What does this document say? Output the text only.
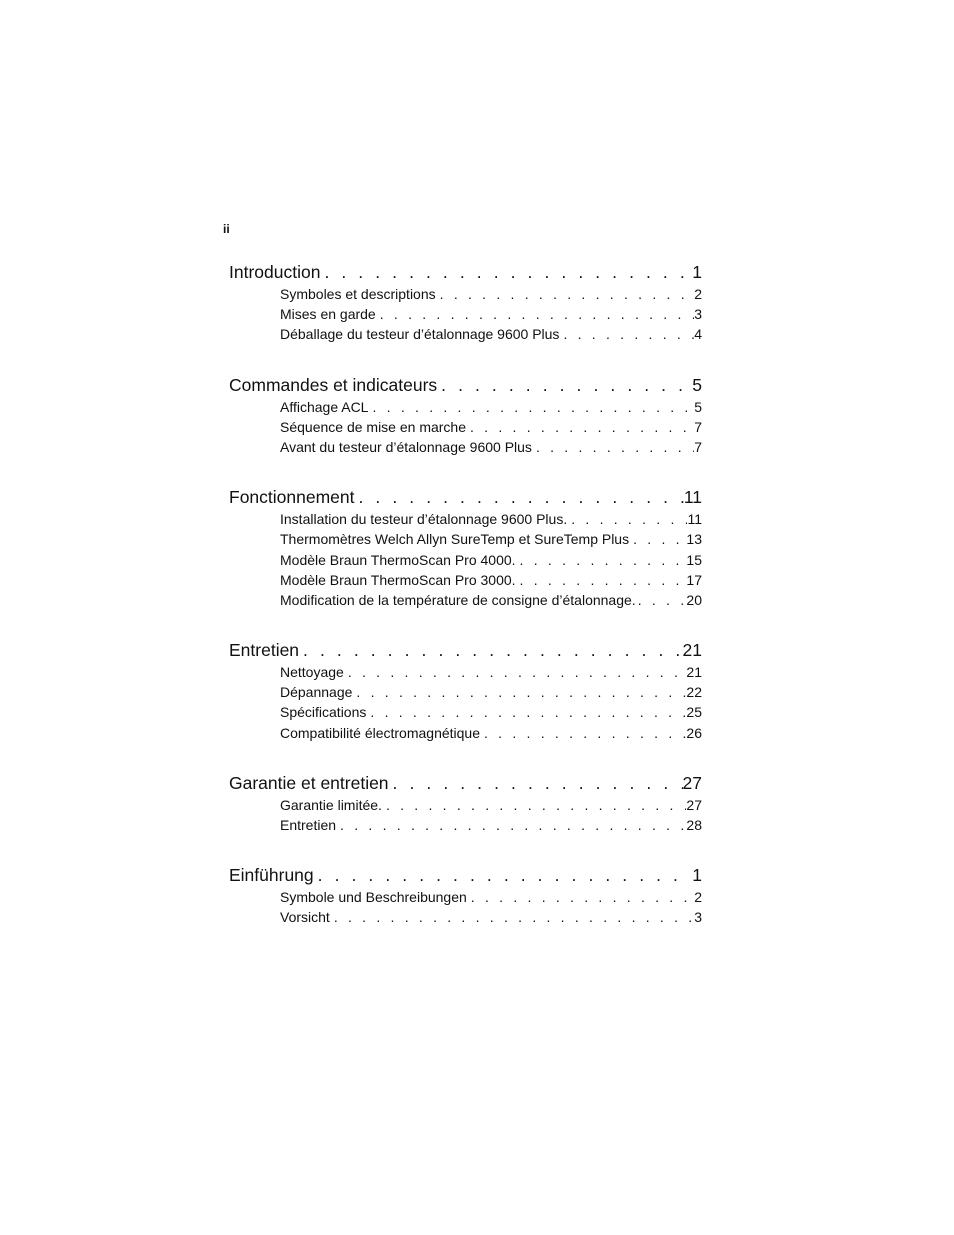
ii
Introduction . . .	1
Symboles et descriptions . . .	2
Mises en garde . . .	3
Déballage du testeur d’étalonnage 9600 Plus . . .	4
Commandes et indicateurs . . .	5
Affichage ACL . . .	5
Séquence de mise en marche . . .	7
Avant du testeur d’étalonnage 9600 Plus . . .	7
Fonctionnement . . .	11
Installation du testeur d’étalonnage 9600 Plus. . . .	11
Thermomètres Welch Allyn SureTemp et SureTemp Plus . . .	13
Modèle Braun ThermoScan Pro 4000. . . .	15
Modèle Braun ThermoScan Pro 3000. . . .	17
Modification de la température de consigne d’étalonnage. . . .	20
Entretien . . .	21
Nettoyage . . .	21
Dépannage . . .	22
Spécifications . . .	25
Compatibilité électromagnétique . . .	26
Garantie et entretien . . .	27
Garantie limitée. . . .	27
Entretien . . .	28
Einführung . . .	1
Symbole und Beschreibungen . . .	2
Vorsicht . . .	3
